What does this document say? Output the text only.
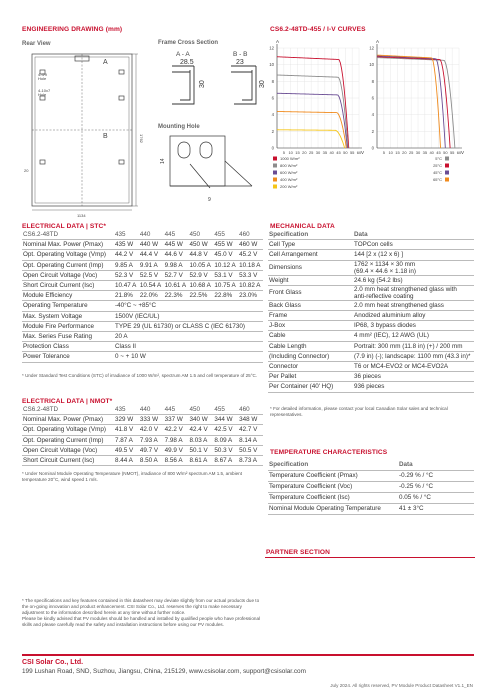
ENGINEERING DRAWING (mm)
Rear View	Frame Cross Section
A - A	B - B
Mounting Hole
A
B
4-Φ9
Hole
4-10x7
Hole
1762
1134
20
28.5
30
23
30
14
9
CS6.2-48TD-455 / I-V CURVES
0
2
4
6
8
10
12
5 10 15 20 25 30 35 40 45 50 55 60
A
V
1000 W/m²
800 W/m²
600 W/m²
400 W/m²
200 W/m²
0
2
4
6
8
10
12
5 10 15 20 25 30 35 40 45 50 55 60
A
V
5°C
25°C
45°C
65°C
ELECTRICAL DATA | STC*
CS6.2-48TD	435	440	445	450	455	460
Nominal Max. Power (Pmax)	435 W	440 W	445 W	450 W	455 W	460 W
Opt. Operating Voltage (Vmp)	44.2 V	44.4 V	44.6 V	44.8 V	45.0 V	45.2 V
Opt. Operating Current (Imp)	9.85 A	9.91 A	9.98 A	10.05 A	10.12 A	10.18 A
Open Circuit Voltage (Voc)	52.3 V	52.5 V	52.7 V	52.9 V	53.1 V	53.3 V
Short Circuit Current (Isc)	10.47 A	10.54 A	10.61 A	10.68 A	10.75 A	10.82 A
Module Efficiency	21.8%	22.0%	22.3%	22.5%	22.8%	23.0%
Operating Temperature	-40°C ~ +85°C					
Max. System Voltage	1500V (IEC/UL)					
Module Fire Performance	TYPE 29 (UL 61730) or CLASS C (IEC 61730)					
Max. Series Fuse Rating	20 A					
Protection Class	Class II					
Power Tolerance	0 ~ + 10 W					
* Under Standard Test Conditions (STC) of irradiance of 1000 W/m², spectrum AM 1.5 and cell temperature of 25°C.
ELECTRICAL DATA | NMOT*
CS6.2-48TD	435	440	445	450	455	460
Nominal Max. Power (Pmax)	329 W	333 W	337 W	340 W	344 W	348 W
Opt. Operating Voltage (Vmp)	41.8 V	42.0 V	42.2 V	42.4 V	42.5 V	42.7 V
Opt. Operating Current (Imp)	7.87 A	7.93 A	7.98 A	8.03 A	8.09 A	8.14 A
Open Circuit Voltage (Voc)	49.5 V	49.7 V	49.9 V	50.1 V	50.3 V	50.5 V
Short Circuit Current (Isc)	8.44 A	8.50 A	8.56 A	8.61 A	8.67 A	8.73 A
* Under Nominal Module Operating Temperature (NMOT), irradiance of 800 W/m² spectrum AM 1.5, ambient temperature 20°C, wind speed 1 m/s.
MECHANICAL DATA
Specification	Data
Cell Type	TOPCon cells
Cell Arrangement	144 [2 x (12 x 6) ]
Dimensions	1762 × 1134 × 30 mm
(69.4 × 44.6 × 1.18 in)

Weight	24.6 kg (54.2 lbs)
Front Glass	2.0 mm heat strengthened glass with
anti-reflective coating

Back Glass	2.0 mm heat strengthened glass
Frame	Anodized aluminium alloy
J-Box	IP68, 3 bypass diodes
Cable	4 mm² (IEC), 12 AWG (UL)
Cable Length	Portrait: 300 mm (11.8 in) (+) / 200 mm
(Including Connector)	(7.9 in) (-); landscape: 1100 mm (43.3 in)*
Connector	T6 or MC4-EVO2 or MC4-EVO2A
Per Pallet	36 pieces
Per Container (40' HQ)	936 pieces
* For detailed information, please contact your local Canadian Solar sales and technical representatives.
TEMPERATURE CHARACTERISTICS
Specification	Data
Temperature Coefficient (Pmax)	-0.29 % / °C
Temperature Coefficient (Voc)	-0.25 % / °C
Temperature Coefficient (Isc)	0.05 % / °C
Nominal Module Operating Temperature	41 ± 3°C
PARTNER SECTION
* The specifications and key features contained in this datasheet may deviate slightly from our actual products due to the on-going innovation and product enhancement. CSI Solar Co., Ltd. reserves the right to make necessary adjustment to the information described herein at any time without further notice.
Please be kindly advised that PV modules should be handled and installed by qualified people who have professional skills and please carefully read the safety and installation instructions before using our PV modules.
CSI Solar Co., Ltd.
199 Lushan Road, SND, Suzhou, Jiangsu, China, 215129, www.csisolar.com, support@csisolar.com
July 2024. All rights reserved, PV Module Product Datasheet V1.1_EN
